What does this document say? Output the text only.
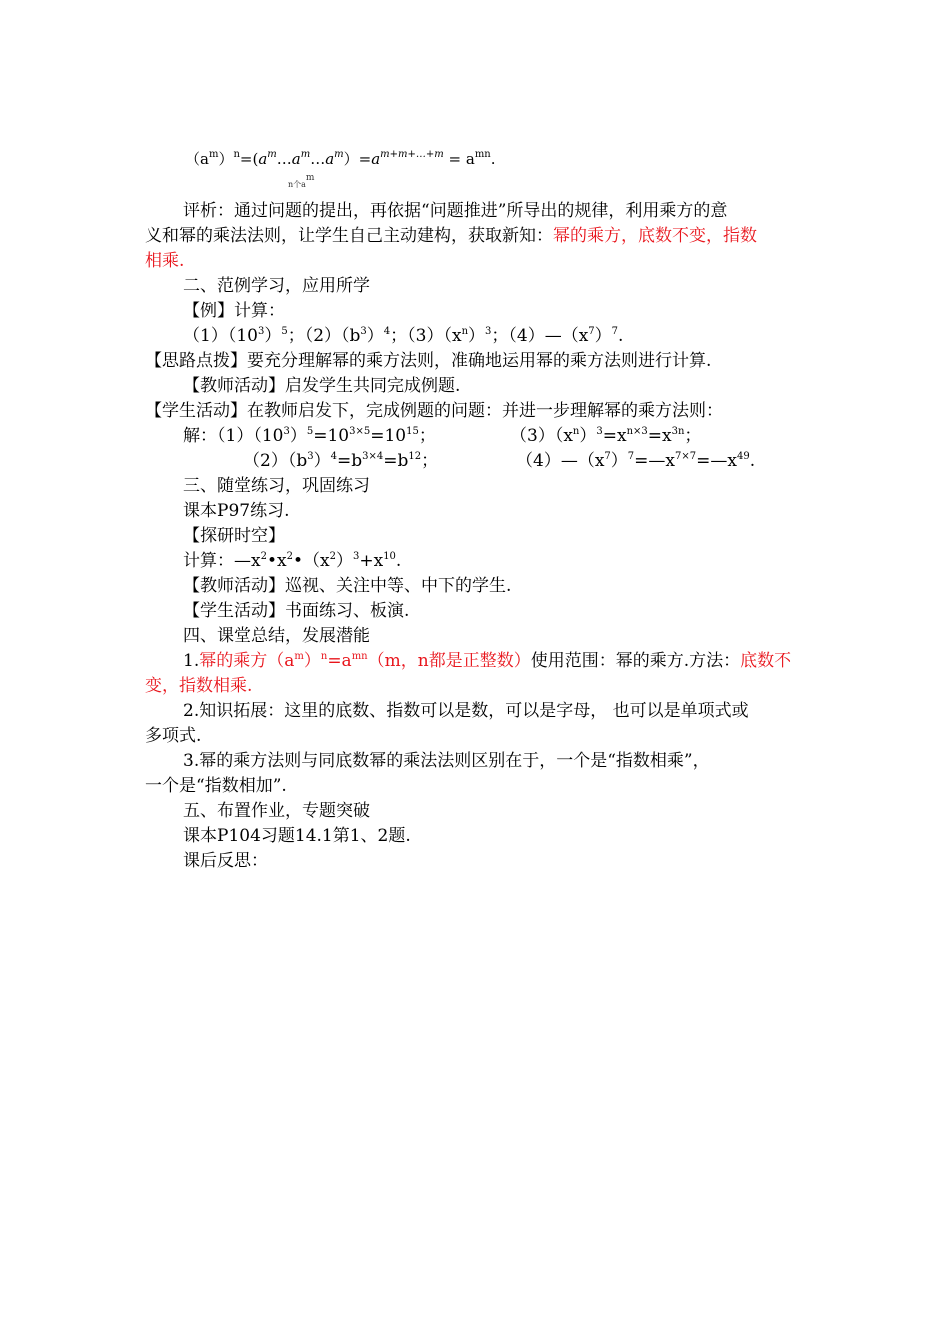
$(a^m)^n=(a^m\dots a^m\dots a^m)=a^{m+m+\dots+m} = a^{mn}$.
n个$a^m$
评析：通过问题的提出，再依据“问题推进”所导出的规律，利用乘方的意
义和幂的乘法法则，让学生自己主动建构，获取新知：幂的乘方，底数不变，指数
相乘.
二、范例学习，应用所学
【例】计算：
$(1)(10^3)^5$；$(2)(b^3)^4$；$(3)(x^n)^3$；$(4)—(x^7)^7$.
【思路点拨】要充分理解幂的乘方法则，准确地运用幂的乘方法则进行计算.
【教师活动】启发学生共同完成例题.
【学生活动】在教师启发下，完成例题的问题：并进一步理解幂的乘方法则：
解：$(1)(10^3)^5=10^{3\times 5}=10^{15}$；	$(3)(x^n)^3=x^{n\times 3}=x^{3n}$；
$(2)(b^3)^4=b^{3\times 4}=b^{12}$；	$(4)—(x^7)^7=—x^{7\times 7}=—x^{49}$.
三、随堂练习，巩固练习
课本P97练习.
【探研时空】
计算：$—x^2•x^2•(x^2)^3+x^{10}$.
【教师活动】巡视、关注中等、中下的学生.
【学生活动】书面练习、板演.
四、课堂总结，发展潜能
1.幂的乘方$(a^m)^n=a^{mn}(m$，n都是正整数）使用范围：幂的乘方.方法：底数不
变，指数相乘.
2.知识拓展：这里的底数、指数可以是数，可以是字母， 也可以是单项式或
多项式.
3.幂的乘方法则与同底数幂的乘法法则区别在于，一个是“指数相乘”，
一个是“指数相加”.
五、布置作业，专题突破
课本P104习题14.1第1、2题.
课后反思：
